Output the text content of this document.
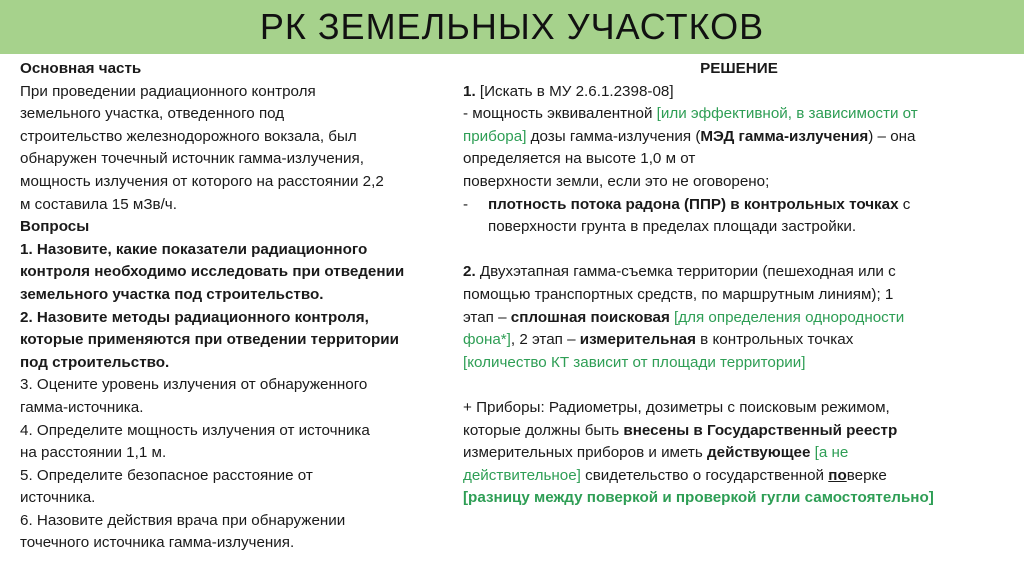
РК ЗЕМЕЛЬНЫХ УЧАСТКОВ
Основная часть
При проведении радиационного контроля
земельного участка, отведенного под
строительство железнодорожного вокзала, был
обнаружен точечный источник гамма-излучения,
мощность излучения от которого на расстоянии 2,2
м составила 15 мЗв/ч.
Вопросы
1. Назовите, какие показатели радиационного
контроля необходимо исследовать при отведении
земельного участка под строительство.
2. Назовите методы радиационного контроля,
которые применяются при отведении территории
под строительство.
3. Оцените уровень излучения от обнаруженного
гамма-источника.
4. Определите мощность излучения от источника
на расстоянии 1,1 м.
5. Определите безопасное расстояние от
источника.
6. Назовите действия врача при обнаружении
точечного источника гамма-излучения.
РЕШЕНИЕ
1. [Искать в МУ 2.6.1.2398-08]
- мощность эквивалентной [или эффективной, в зависимости от
прибора] дозы гамма-излучения (МЭД гамма-излучения) – она
определяется на высоте 1,0 м от
поверхности земли, если это не оговорено;
- плотность потока радона (ППР) в контрольных точках с
поверхности грунта в пределах площади застройки.
2. Двухэтапная гамма-съемка территории (пешеходная или с
помощью транспортных средств, по маршрутным линиям); 1
этап – сплошная поисковая [для определения однородности
фона*], 2 этап – измерительная в контрольных точках
[количество КТ зависит от площади территории]
+ Приборы: Радиометры, дозиметры с поисковым режимом,
которые должны быть внесены в Государственный реестр
измерительных приборов и иметь действующее [а не
действительное] свидетельство о государственной поверке
[разницу между поверкой и проверкой гугли самостоятельно]
